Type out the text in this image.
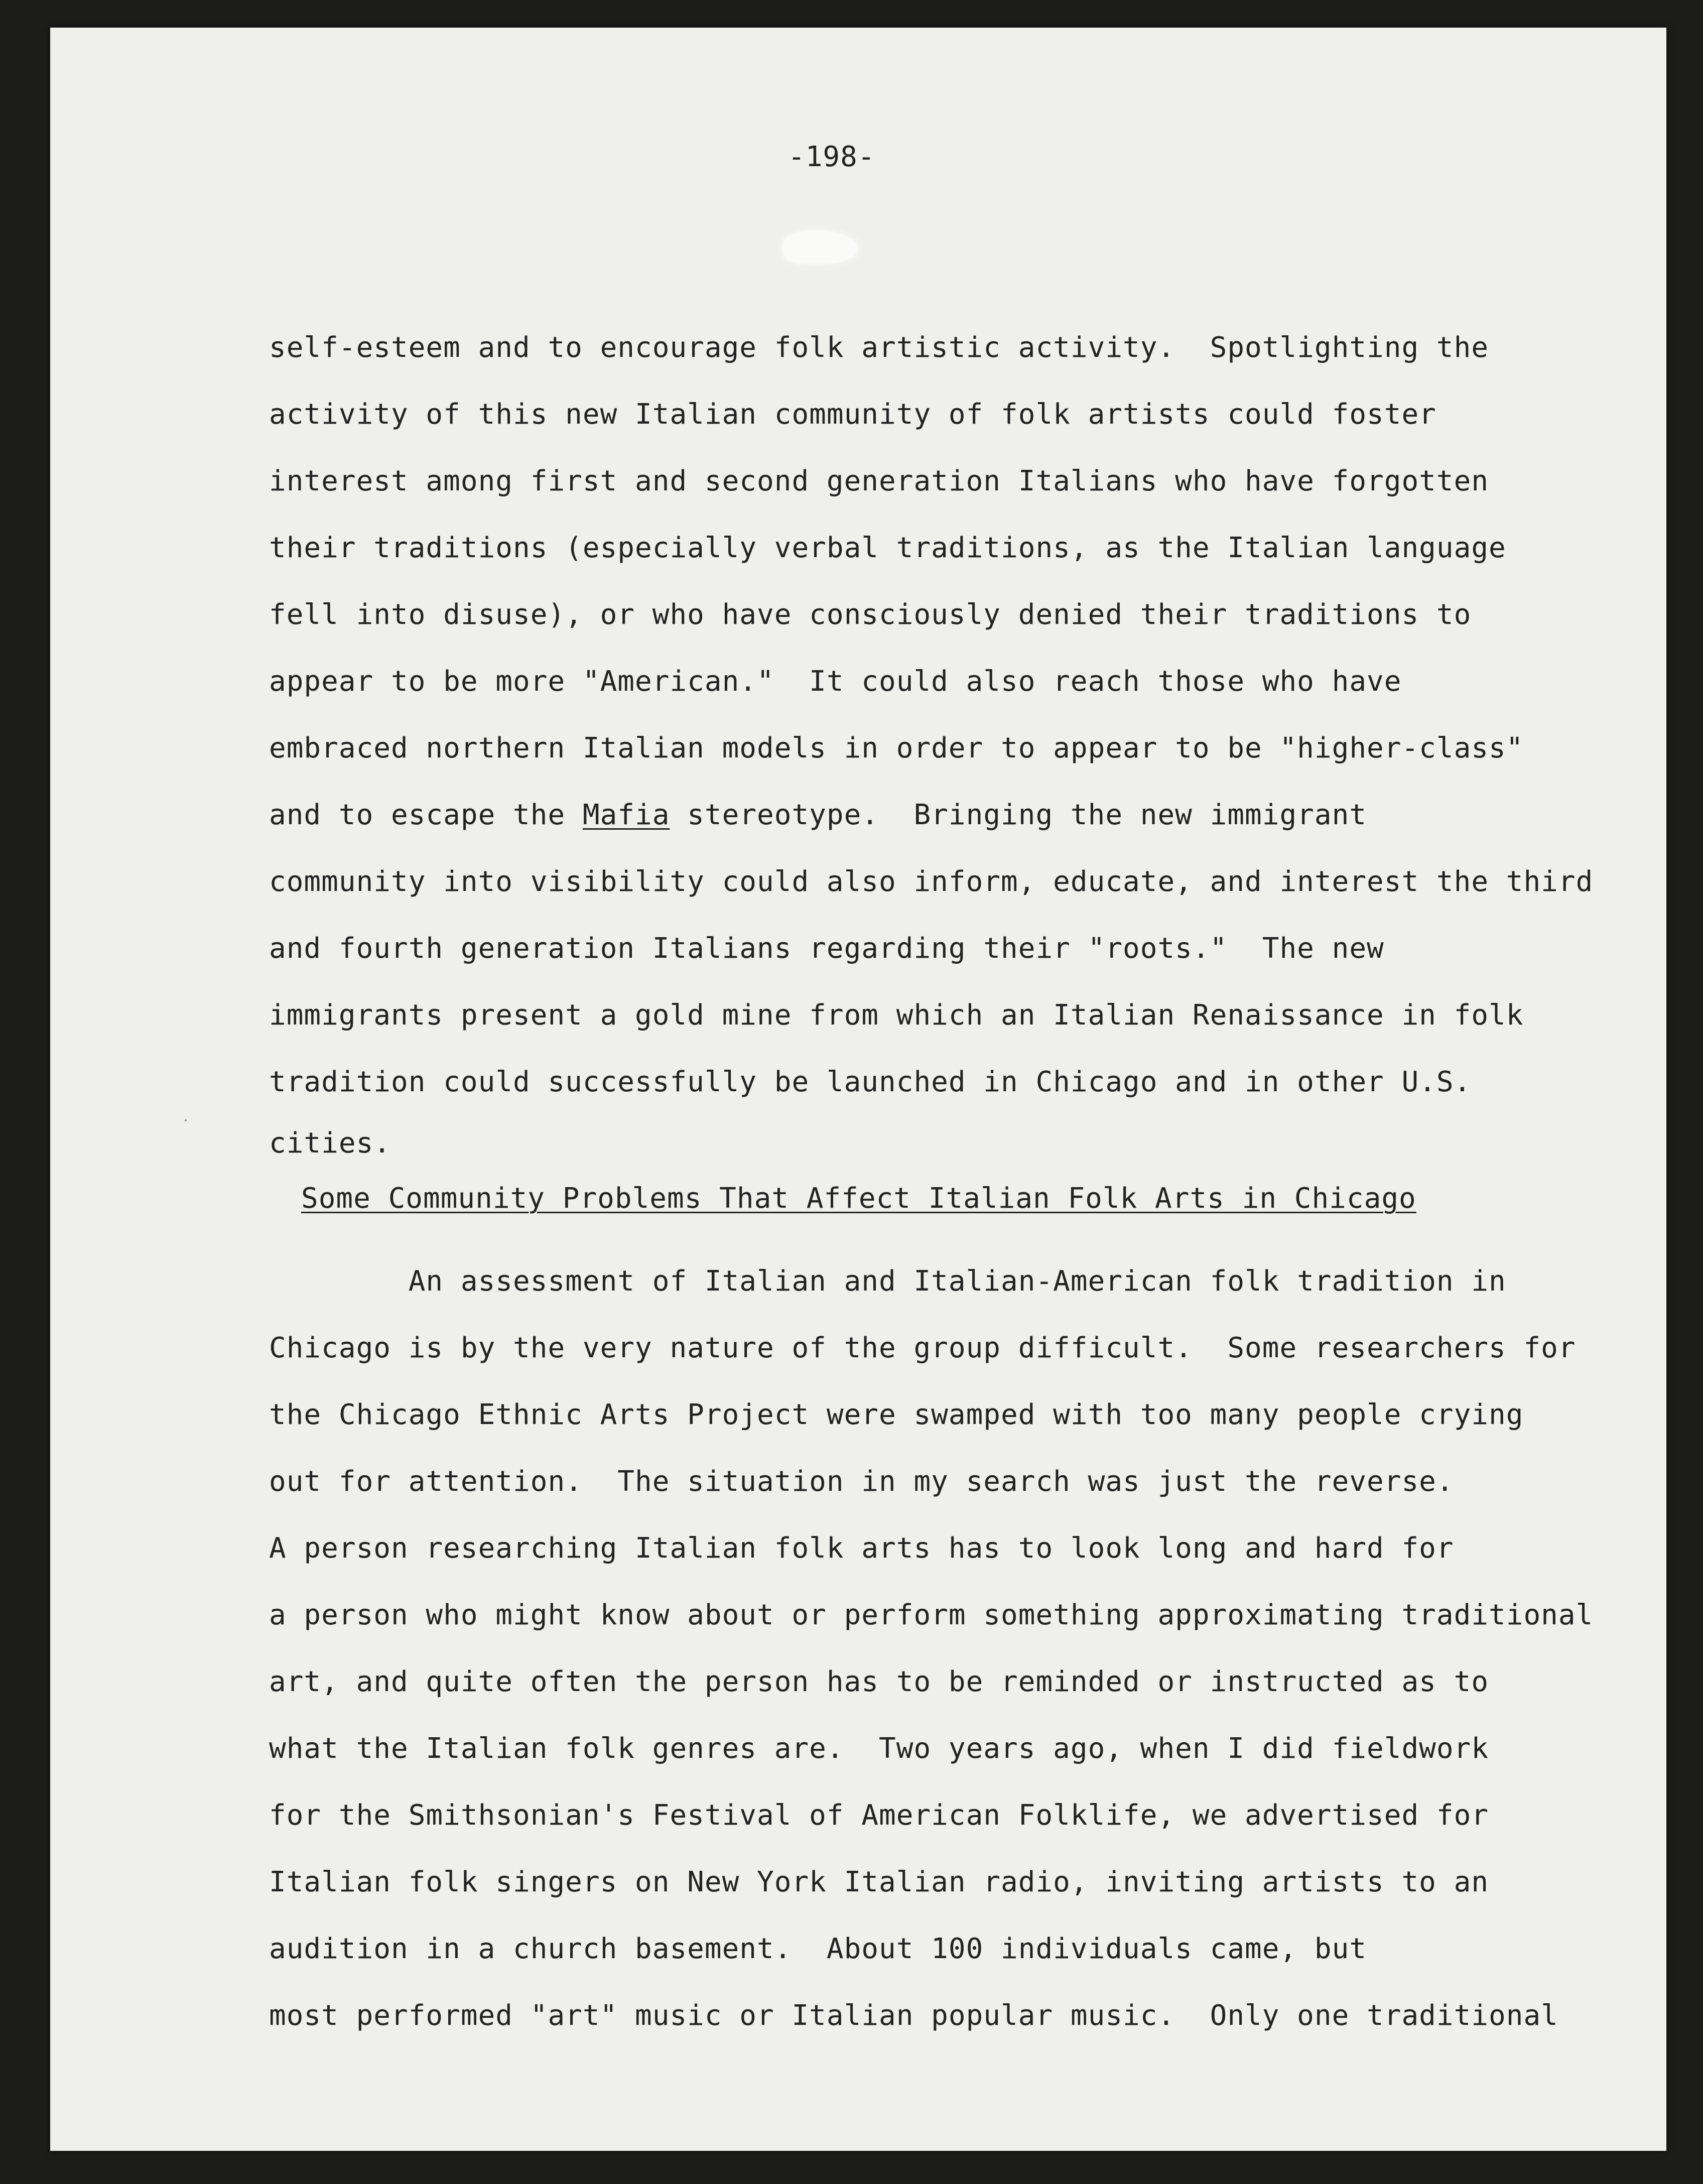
-198-
self-esteem and to encourage folk artistic activity.  Spotlighting the
activity of this new Italian community of folk artists could foster
interest among first and second generation Italians who have forgotten
their traditions (especially verbal traditions, as the Italian language
fell into disuse), or who have consciously denied their traditions to
appear to be more "American."  It could also reach those who have
embraced northern Italian models in order to appear to be "higher-class"
and to escape the Mafia stereotype.  Bringing the new immigrant
community into visibility could also inform, educate, and interest the third
and fourth generation Italians regarding their "roots."  The new
immigrants present a gold mine from which an Italian Renaissance in folk
tradition could successfully be launched in Chicago and in other U.S.
cities.
Some Community Problems That Affect Italian Folk Arts in Chicago
An assessment of Italian and Italian-American folk tradition in
Chicago is by the very nature of the group difficult.  Some researchers for
the Chicago Ethnic Arts Project were swamped with too many people crying
out for attention.  The situation in my search was just the reverse.
A person researching Italian folk arts has to look long and hard for
a person who might know about or perform something approximating traditional
art, and quite often the person has to be reminded or instructed as to
what the Italian folk genres are.  Two years ago, when I did fieldwork
for the Smithsonian's Festival of American Folklife, we advertised for
Italian folk singers on New York Italian radio, inviting artists to an
audition in a church basement.  About 100 individuals came, but
most performed "art" music or Italian popular music.  Only one traditional
